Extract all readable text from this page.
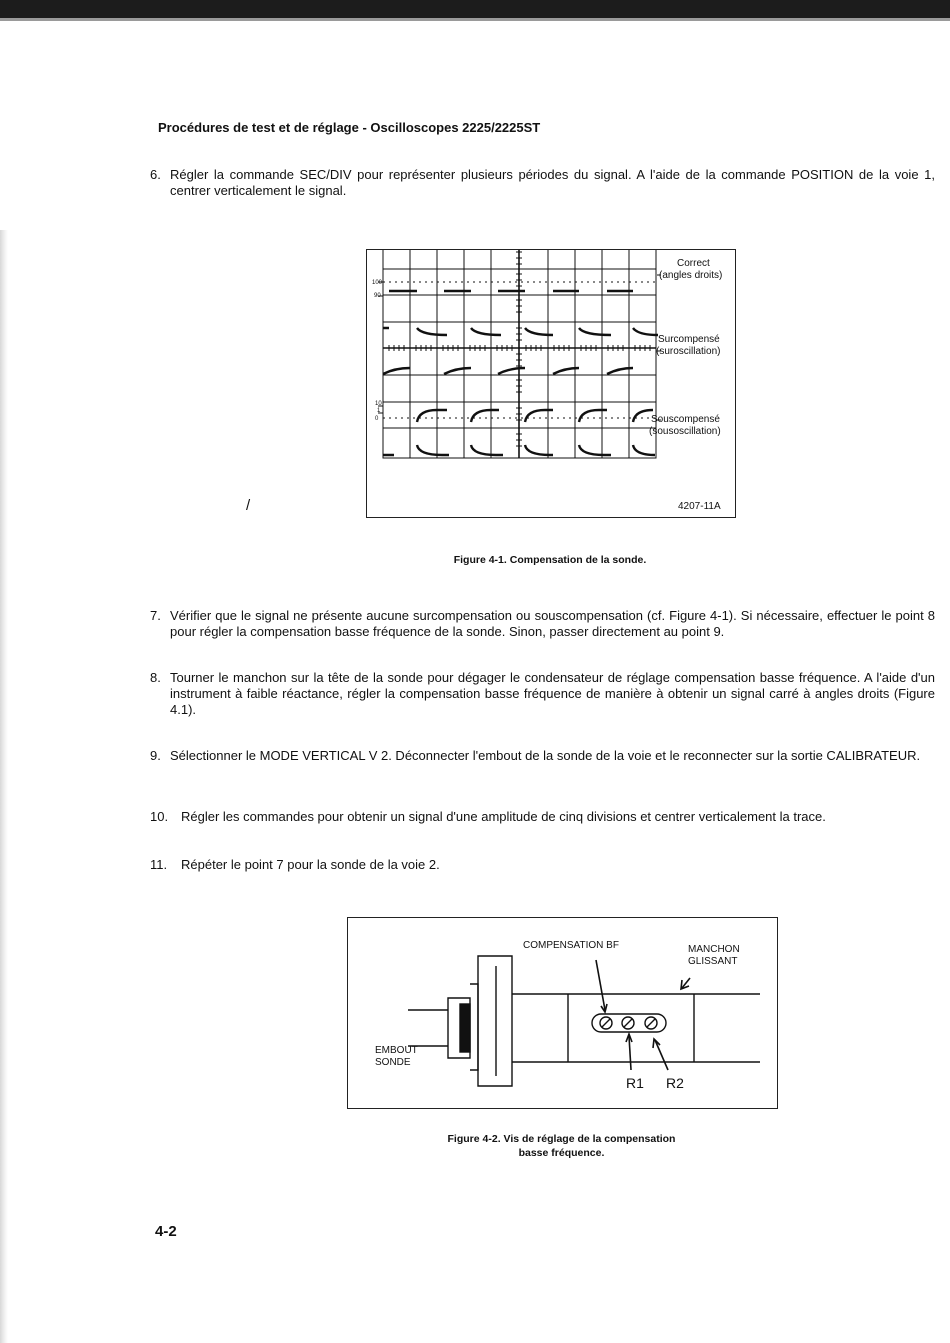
Procédures de test et de réglage - Oscilloscopes 2225/2225ST
6. Régler la commande SEC/DIV pour représenter plusieurs périodes du signal. A l'aide de la commande POSITION de la voie 1, centrer verticalement le signal.
100
90
10
1
0
Correct
(angles droits)
Surcompensé
(suroscillation)
Souscompensé
(sousoscillation)
4207-11A
/
Figure 4-1. Compensation de la sonde.
7. Vérifier que le signal ne présente aucune surcompensation ou souscompensation (cf. Figure 4-1). Si nécessaire, effectuer le point 8 pour régler la compensation basse fréquence de la sonde. Sinon, passer directement au point 9.
8. Tourner le manchon sur la tête de la sonde pour dégager le condensateur de réglage compensation basse fréquence. A l'aide d'un instrument à faible réactance, régler la compensation basse fréquence de manière à obtenir un signal carré à angles droits (Figure 4.1).
9. Sélectionner le MODE VERTICAL V 2. Déconnecter l'embout de la sonde de la voie et le reconnecter sur la sortie CALIBRATEUR.
10. Régler les commandes pour obtenir un signal d'une amplitude de cinq divisions et centrer verticalement la trace.
11. Répéter le point 7 pour la sonde de la voie 2.
COMPENSATION BF	MANCHON
GLISSANT
EMBOUT
SONDE
R1 R2
Figure 4-2. Vis de réglage de la compensation
basse fréquence.
4-2
